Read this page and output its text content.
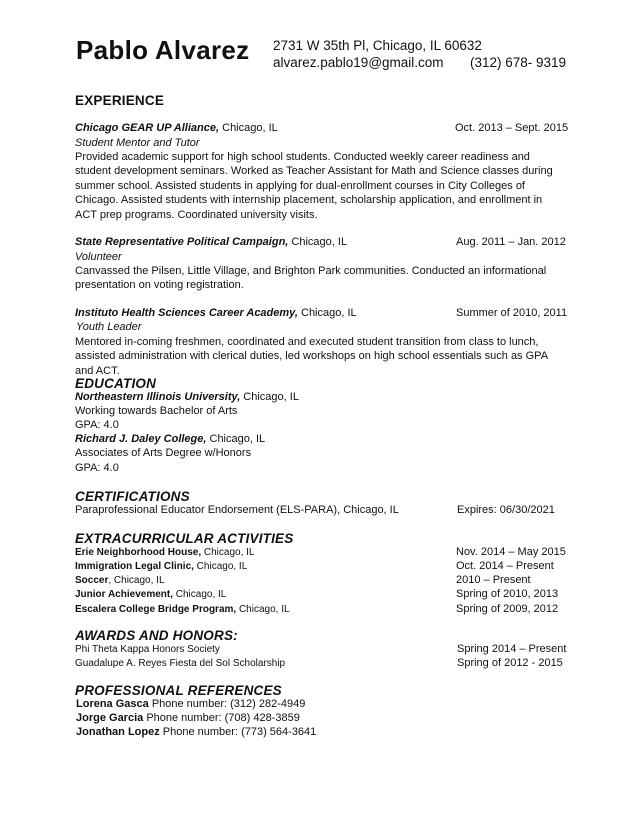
Pablo Alvarez 2731 W 35th Pl, Chicago, IL 60632
alvarez.pablo19@gmail.com (312) 678- 9319
EXPERIENCE
Chicago GEAR UP Alliance, Chicago, IL	Oct. 2013 – Sept. 2015
Student Mentor and Tutor
Provided academic support for high school students. Conducted weekly career readiness and student development seminars. Worked as Teacher Assistant for Math and Science classes during summer school. Assisted students in applying for dual-enrollment courses in City Colleges of Chicago. Assisted students with internship placement, scholarship application, and enrollment in ACT prep programs. Coordinated university visits.
State Representative Political Campaign, Chicago, IL	Aug. 2011 – Jan. 2012
Volunteer
Canvassed the Pilsen, Little Village, and Brighton Park communities. Conducted an informational presentation on voting registration.
Instituto Health Sciences Career Academy, Chicago, IL	Summer of 2010, 2011
Youth Leader
Mentored in-coming freshmen, coordinated and executed student transition from class to lunch, assisted administration with clerical duties, led workshops on high school essentials such as GPA and ACT.
EDUCATION
Northeastern Illinois University, Chicago, IL
Working towards Bachelor of Arts
GPA: 4.0
Richard J. Daley College, Chicago, IL
Associates of Arts Degree w/Honors
GPA: 4.0
CERTIFICATIONS
Paraprofessional Educator Endorsement (ELS-PARA), Chicago, IL	Expires: 06/30/2021
EXTRACURRICULAR ACTIVITIES
Erie Neighborhood House, Chicago, IL	Nov. 2014 – May 2015
Immigration Legal Clinic, Chicago, IL	Oct. 2014 – Present
Soccer, Chicago, IL	2010 – Present
Junior Achievement, Chicago, IL	Spring of 2010, 2013
Escalera College Bridge Program, Chicago, IL	Spring of 2009, 2012
AWARDS AND HONORS:
Phi Theta Kappa Honors Society	Spring 2014 – Present
Guadalupe A. Reyes Fiesta del Sol Scholarship	Spring of 2012 - 2015
PROFESSIONAL REFERENCES
Lorena Gasca Phone number: (312) 282-4949
Jorge Garcia Phone number: (708) 428-3859
Jonathan Lopez Phone number: (773) 564-3641
